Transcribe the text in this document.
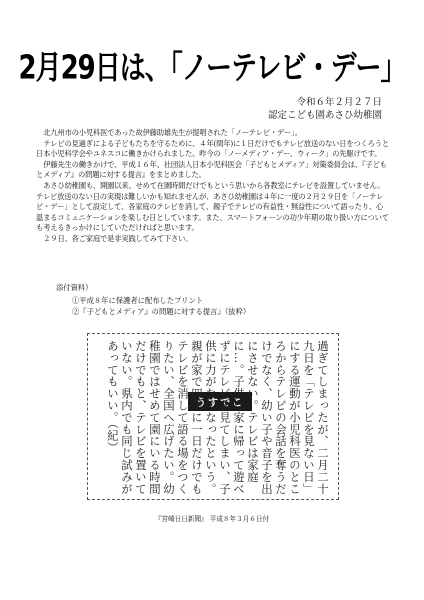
2月29日は、「ノーテレビ・デー」
令和６年２月２７日
認定こども園あさひ幼稚園

北九州市の小児科医であった故伊藤助雄先生が提唱された「ノーテレビ・デー」。

テレビの見過ぎによる子どもたちを守るために、４年(閏年)に１日だけでもテレビ放送のない日をつくろうと日本小児科学会やユネスコに働きかけられました。昨今の「ノーメディア・デー、ウィーク」の先駆けです。

伊藤先生の働きかけで、平成１６年、社団法人日本小児科医会「子どもとメディア」対策委員会は、『子どもとメディア』の問題に対する提言』をまとめました。

あさひ幼稚園も、開園以来、せめて在園時間だけでもという思いから各教室にテレビを設置していません。テレビ放送のない日の実現は難しいかも知れませんが、あさひ幼稚園は４年に一度の２月２９日を「ノーテレビ・デー」として設定して、各家庭のテレビを消して、親子でテレビの有益性・無益性について語ったり、心温まるコミュニケーションを楽しむ日としています。また、スマートフォーンの功少年期の取り扱い方についても考えるきっかけにしていただければと思います。

２９日、各ご家庭で是非実践してみて下さい。

添付資料）
①平成８年に保護者に配布したプリント
②『子どもとメディア』の問題に対する提言』（抜粋）
うすでこ	過ぎてしまったが、二月二十九日を「テレビを見ない日」にする運動が小児科医のところからテレビの会話を奪うだけでなく、幼い子や音子を出にさせない。テレビは家庭に…。子供は家に帰って遊べずにテレビを見てしまい、子供に力がなくなったという。親が家で四年に一日だけでもテレビを消して語る場をつくりたい、全国へ広げたい。幼稚園ではせめて園にいる時間だけでもと、テレビを置いていない。県内でも同じ試みがあってもいい。（紀）
『宮崎日日新聞』 平成８年３月６日付
